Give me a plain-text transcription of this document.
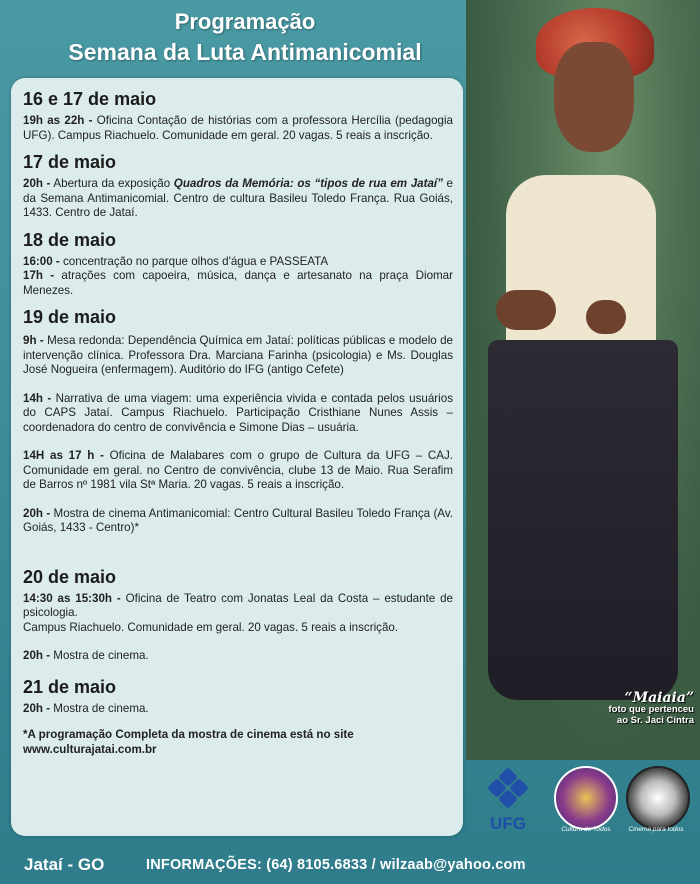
Programação
Semana da Luta Antimanicomial

16 e 17 de maio

19h as 22h - Oficina Contação de histórias com a professora Hercília (pedagogia UFG). Campus Riachuelo. Comunidade em geral. 20 vagas. 5 reais a inscrição.

17 de maio

20h - Abertura da exposição Quadros da Memória: os “tipos de rua em Jataí” e da Semana Antimanicomial. Centro de cultura Basileu Toledo França. Rua Goiás, 1433. Centro de Jataí.

18 de maio

16:00 - concentração no parque olhos d'água e PASSEATA

17h - atrações com capoeira, música, dança e artesanato na praça Diomar Menezes.

19 de maio

9h - Mesa redonda: Dependência Química em Jataí: políticas públicas e modelo de intervenção clínica. Professora Dra. Marciana Farinha (psicologia) e Ms. Douglas José Nogueira (enfermagem). Auditório do IFG (antigo Cefete)

14h - Narrativa de uma viagem: uma experiência vivida e contada pelos usuários do CAPS Jataí. Campus Riachuelo. Participação Cristhiane Nunes Assis – coordenadora do centro de convivência e Simone Dias – usuária.

14H as 17 h - Oficina de Malabares com o grupo de Cultura da UFG – CAJ. Comunidade em geral. no Centro de convivência, clube 13 de Maio. Rua Serafim de Barros nº 1981 vila Stª Maria. 20 vagas. 5 reais a inscrição.

20h - Mostra de cinema Antimanicomial: Centro Cultural Basileu Toledo França (Av. Goiás, 1433 - Centro)*

20 de maio

14:30 as 15:30h - Oficina de Teatro com Jonatas Leal da Costa – estudante de psicologia.

Campus Riachuelo. Comunidade em geral. 20 vagas. 5 reais a inscrição.

20h - Mostra de cinema.

21 de maio

20h - Mostra de cinema.

*A programação Completa da mostra de cinema está no site

www.culturajatai.com.br

“Maiaia”
foto que pertenceu
ao Sr. Jaci Cintra
UFG	Cultura de Todos	Cinema para todos
Jataí - GO	INFORMAÇÕES: (64) 8105.6833 / wilzaab@yahoo.com
